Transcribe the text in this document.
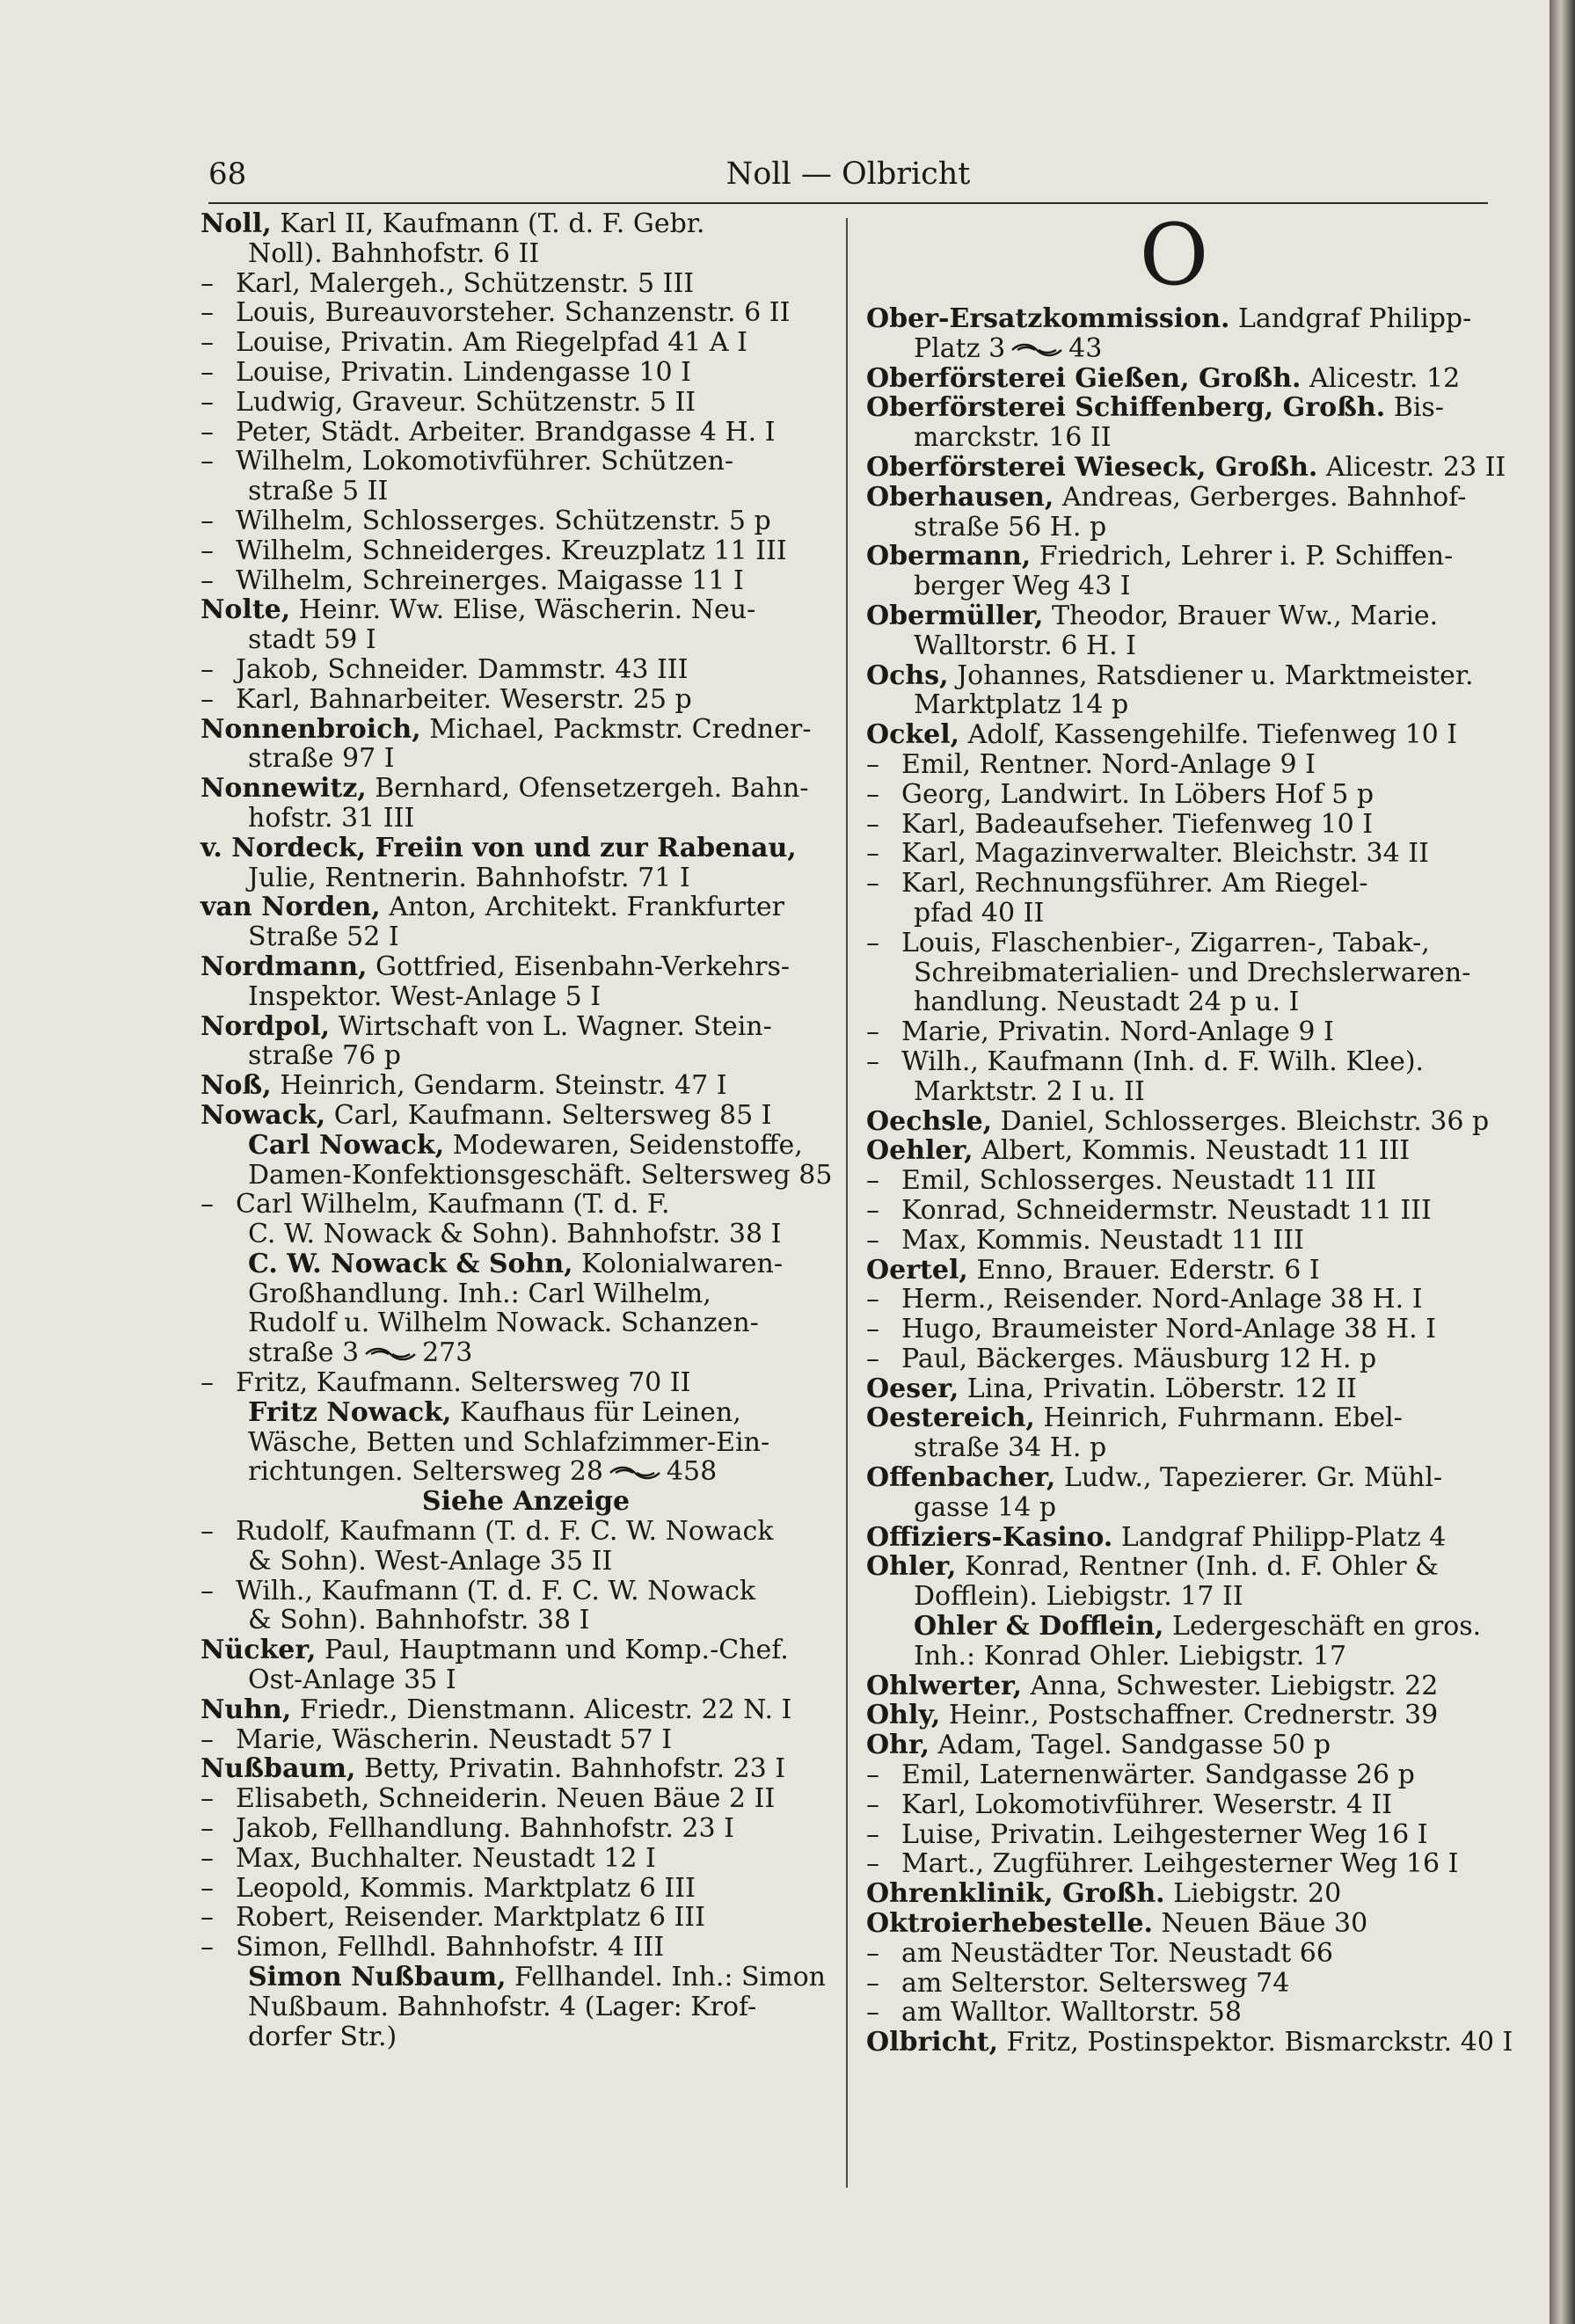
68	Noll — Olbricht
Noll, Karl II, Kaufmann (T. d. F. Gebr.
Noll). Bahnhofstr. 6 II
– Karl, Malergeh., Schützenstr. 5 III
– Louis, Bureauvorsteher. Schanzenstr. 6 II
– Louise, Privatin. Am Riegelpfad 41 A I
– Louise, Privatin. Lindengasse 10 I
– Ludwig, Graveur. Schützenstr. 5 II
– Peter, Städt. Arbeiter. Brandgasse 4 H. I
– Wilhelm, Lokomotivführer. Schützen-
straße 5 II
– Wilhelm, Schlosserges. Schützenstr. 5 p
– Wilhelm, Schneiderges. Kreuzplatz 11 III
– Wilhelm, Schreinerges. Maigasse 11 I
Nolte, Heinr. Ww. Elise, Wäscherin. Neu-
stadt 59 I
– Jakob, Schneider. Dammstr. 43 III
– Karl, Bahnarbeiter. Weserstr. 25 p
Nonnenbroich, Michael, Packmstr. Credner-
straße 97 I
Nonnewitz, Bernhard, Ofensetzergeh. Bahn-
hofstr. 31 III
v. Nordeck, Freiin von und zur Rabenau,
Julie, Rentnerin. Bahnhofstr. 71 I
van Norden, Anton, Architekt. Frankfurter
Straße 52 I
Nordmann, Gottfried, Eisenbahn-Verkehrs-
Inspektor. West-Anlage 5 I
Nordpol, Wirtschaft von L. Wagner. Stein-
straße 76 p
Noß, Heinrich, Gendarm. Steinstr. 47 I
Nowack, Carl, Kaufmann. Seltersweg 85 I
Carl Nowack, Modewaren, Seidenstoffe,
Damen-Konfektionsgeschäft. Seltersweg 85
– Carl Wilhelm, Kaufmann (T. d. F.
C. W. Nowack & Sohn). Bahnhofstr. 38 I
C. W. Nowack & Sohn, Kolonialwaren-
Großhandlung. Inh.: Carl Wilhelm,
Rudolf u. Wilhelm Nowack. Schanzen-
straße 3 273
– Fritz, Kaufmann. Seltersweg 70 II
Fritz Nowack, Kaufhaus für Leinen,
Wäsche, Betten und Schlafzimmer-Ein-
richtungen. Seltersweg 28 458
Siehe Anzeige
– Rudolf, Kaufmann (T. d. F. C. W. Nowack
& Sohn). West-Anlage 35 II
– Wilh., Kaufmann (T. d. F. C. W. Nowack
& Sohn). Bahnhofstr. 38 I
Nücker, Paul, Hauptmann und Komp.-Chef.
Ost-Anlage 35 I
Nuhn, Friedr., Dienstmann. Alicestr. 22 N. I
– Marie, Wäscherin. Neustadt 57 I
Nußbaum, Betty, Privatin. Bahnhofstr. 23 I
– Elisabeth, Schneiderin. Neuen Bäue 2 II
– Jakob, Fellhandlung. Bahnhofstr. 23 I
– Max, Buchhalter. Neustadt 12 I
– Leopold, Kommis. Marktplatz 6 III
– Robert, Reisender. Marktplatz 6 III
– Simon, Fellhdl. Bahnhofstr. 4 III
Simon Nußbaum, Fellhandel. Inh.: Simon
Nußbaum. Bahnhofstr. 4 (Lager: Krof-
dorfer Str.)
O
Ober-Ersatzkommission. Landgraf Philipp-
Platz 3 43
Oberförsterei Gießen, Großh. Alicestr. 12
Oberförsterei Schiffenberg, Großh. Bis-
marckstr. 16 II
Oberförsterei Wieseck, Großh. Alicestr. 23 II
Oberhausen, Andreas, Gerberges. Bahnhof-
straße 56 H. p
Obermann, Friedrich, Lehrer i. P. Schiffen-
berger Weg 43 I
Obermüller, Theodor, Brauer Ww., Marie.
Walltorstr. 6 H. I
Ochs, Johannes, Ratsdiener u. Marktmeister.
Marktplatz 14 p
Ockel, Adolf, Kassengehilfe. Tiefenweg 10 I
– Emil, Rentner. Nord-Anlage 9 I
– Georg, Landwirt. In Löbers Hof 5 p
– Karl, Badeaufseher. Tiefenweg 10 I
– Karl, Magazinverwalter. Bleichstr. 34 II
– Karl, Rechnungsführer. Am Riegel-
pfad 40 II
– Louis, Flaschenbier-, Zigarren-, Tabak-,
Schreibmaterialien- und Drechslerwaren-
handlung. Neustadt 24 p u. I
– Marie, Privatin. Nord-Anlage 9 I
– Wilh., Kaufmann (Inh. d. F. Wilh. Klee).
Marktstr. 2 I u. II
Oechsle, Daniel, Schlosserges. Bleichstr. 36 p
Oehler, Albert, Kommis. Neustadt 11 III
– Emil, Schlosserges. Neustadt 11 III
– Konrad, Schneidermstr. Neustadt 11 III
– Max, Kommis. Neustadt 11 III
Oertel, Enno, Brauer. Ederstr. 6 I
– Herm., Reisender. Nord-Anlage 38 H. I
– Hugo, Braumeister Nord-Anlage 38 H. I
– Paul, Bäckerges. Mäusburg 12 H. p
Oeser, Lina, Privatin. Löberstr. 12 II
Oestereich, Heinrich, Fuhrmann. Ebel-
straße 34 H. p
Offenbacher, Ludw., Tapezierer. Gr. Mühl-
gasse 14 p
Offiziers-Kasino. Landgraf Philipp-Platz 4
Ohler, Konrad, Rentner (Inh. d. F. Ohler &
Dofflein). Liebigstr. 17 II
Ohler & Dofflein, Ledergeschäft en gros.
Inh.: Konrad Ohler. Liebigstr. 17
Ohlwerter, Anna, Schwester. Liebigstr. 22
Ohly, Heinr., Postschaffner. Crednerstr. 39
Ohr, Adam, Tagel. Sandgasse 50 p
– Emil, Laternenwärter. Sandgasse 26 p
– Karl, Lokomotivführer. Weserstr. 4 II
– Luise, Privatin. Leihgesterner Weg 16 I
– Mart., Zugführer. Leihgesterner Weg 16 I
Ohrenklinik, Großh. Liebigstr. 20
Oktroierhebestelle. Neuen Bäue 30
– am Neustädter Tor. Neustadt 66
– am Selterstor. Seltersweg 74
– am Walltor. Walltorstr. 58
Olbricht, Fritz, Postinspektor. Bismarckstr. 40 I
